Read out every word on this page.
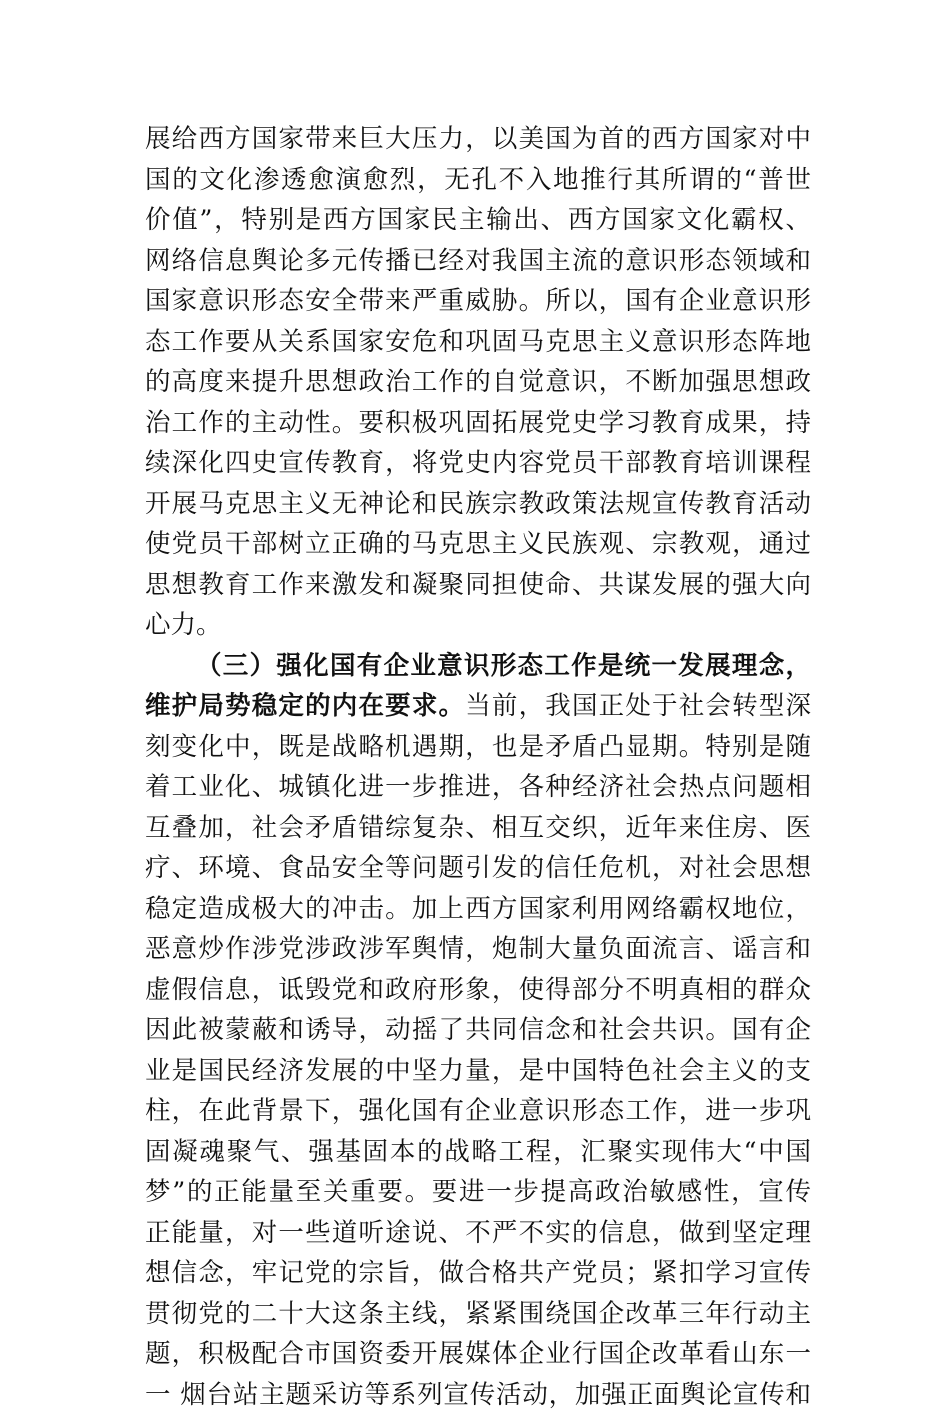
展给西方国家带来巨大压力，以美国为首的西方国家对中
国的文化渗透愈演愈烈，无孔不入地推行其所谓的“普世
价值”，特别是西方国家民主输出、西方国家文化霸权、
网络信息舆论多元传播已经对我国主流的意识形态领域和
国家意识形态安全带来严重威胁。所以，国有企业意识形
态工作要从关系国家安危和巩固马克思主义意识形态阵地
的高度来提升思想政治工作的自觉意识，不断加强思想政
治工作的主动性。要积极巩固拓展党史学习教育成果，持
续深化四史宣传教育，将党史内容党员干部教育培训课程
开展马克思主义无神论和民族宗教政策法规宣传教育活动
使党员干部树立正确的马克思主义民族观、宗教观，通过
思想教育工作来激发和凝聚同担使命、共谋发展的强大向
心力。
（三）强化国有企业意识形态工作是统一发展理念，
维护局势稳定的内在要求。当前，我国正处于社会转型深
刻变化中，既是战略机遇期，也是矛盾凸显期。特别是随
着工业化、城镇化进一步推进，各种经济社会热点问题相
互叠加，社会矛盾错综复杂、相互交织，近年来住房、医
疗、环境、食品安全等问题引发的信任危机，对社会思想
稳定造成极大的冲击。加上西方国家利用网络霸权地位，
恶意炒作涉党涉政涉军舆情，炮制大量负面流言、谣言和
虚假信息，诋毁党和政府形象，使得部分不明真相的群众
因此被蒙蔽和诱导，动摇了共同信念和社会共识。国有企
业是国民经济发展的中坚力量，是中国特色社会主义的支
柱，在此背景下，强化国有企业意识形态工作，进一步巩
固凝魂聚气、强基固本的战略工程，汇聚实现伟大“中国
梦”的正能量至关重要。要进一步提高政治敏感性，宣传
正能量，对一些道听途说、不严不实的信息，做到坚定理
想信念，牢记党的宗旨，做合格共产党员；紧扣学习宣传
贯彻党的二十大这条主线，紧紧围绕国企改革三年行动主
题，积极配合市国资委开展媒体企业行国企改革看山东一
一 烟台站主题采访等系列宣传活动，加强正面舆论宣传和
